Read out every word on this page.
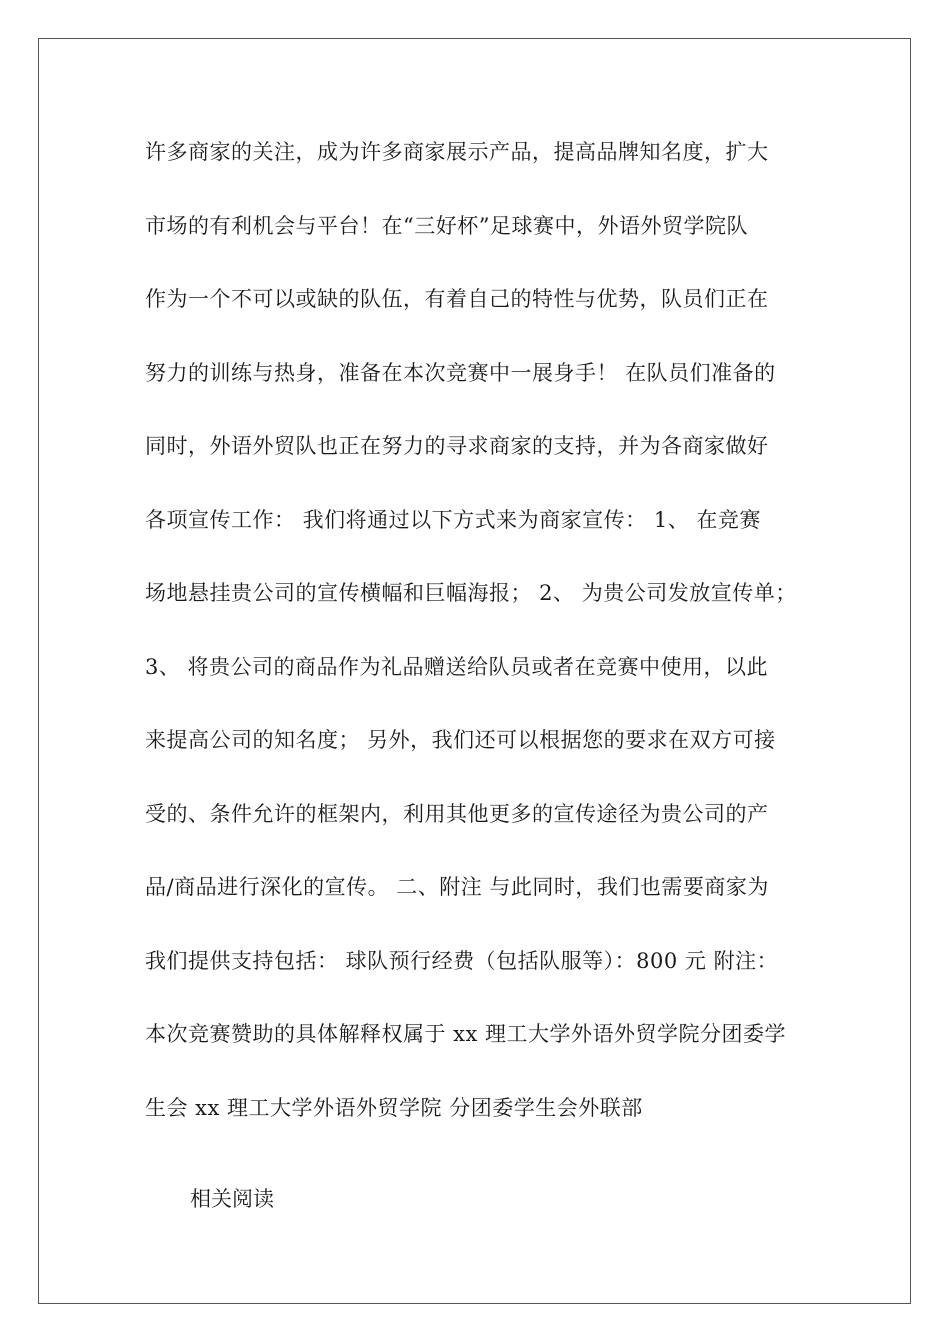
许多商家的关注，成为许多商家展示产品，提高品牌知名度，扩大
市场的有利机会与平台！在“三好杯”足球赛中，外语外贸学院队
作为一个不可以或缺的队伍，有着自己的特性与优势，队员们正在
努力的训练与热身，准备在本次竞赛中一展身手！ 在队员们准备的
同时，外语外贸队也正在努力的寻求商家的支持，并为各商家做好
各项宣传工作： 我们将通过以下方式来为商家宣传： 1、 在竞赛
场地悬挂贵公司的宣传横幅和巨幅海报； 2、 为贵公司发放宣传单；
3、 将贵公司的商品作为礼品赠送给队员或者在竞赛中使用，以此
来提高公司的知名度； 另外，我们还可以根据您的要求在双方可接
受的、条件允许的框架内，利用其他更多的宣传途径为贵公司的产
品/商品进行深化的宣传。 二、附注 与此同时，我们也需要商家为
我们提供支持包括： 球队预行经费（包括队服等）：800 元 附注：
本次竞赛赞助的具体解释权属于 xx 理工大学外语外贸学院分团委学
生会 xx 理工大学外语外贸学院 分团委学生会外联部
相关阅读
